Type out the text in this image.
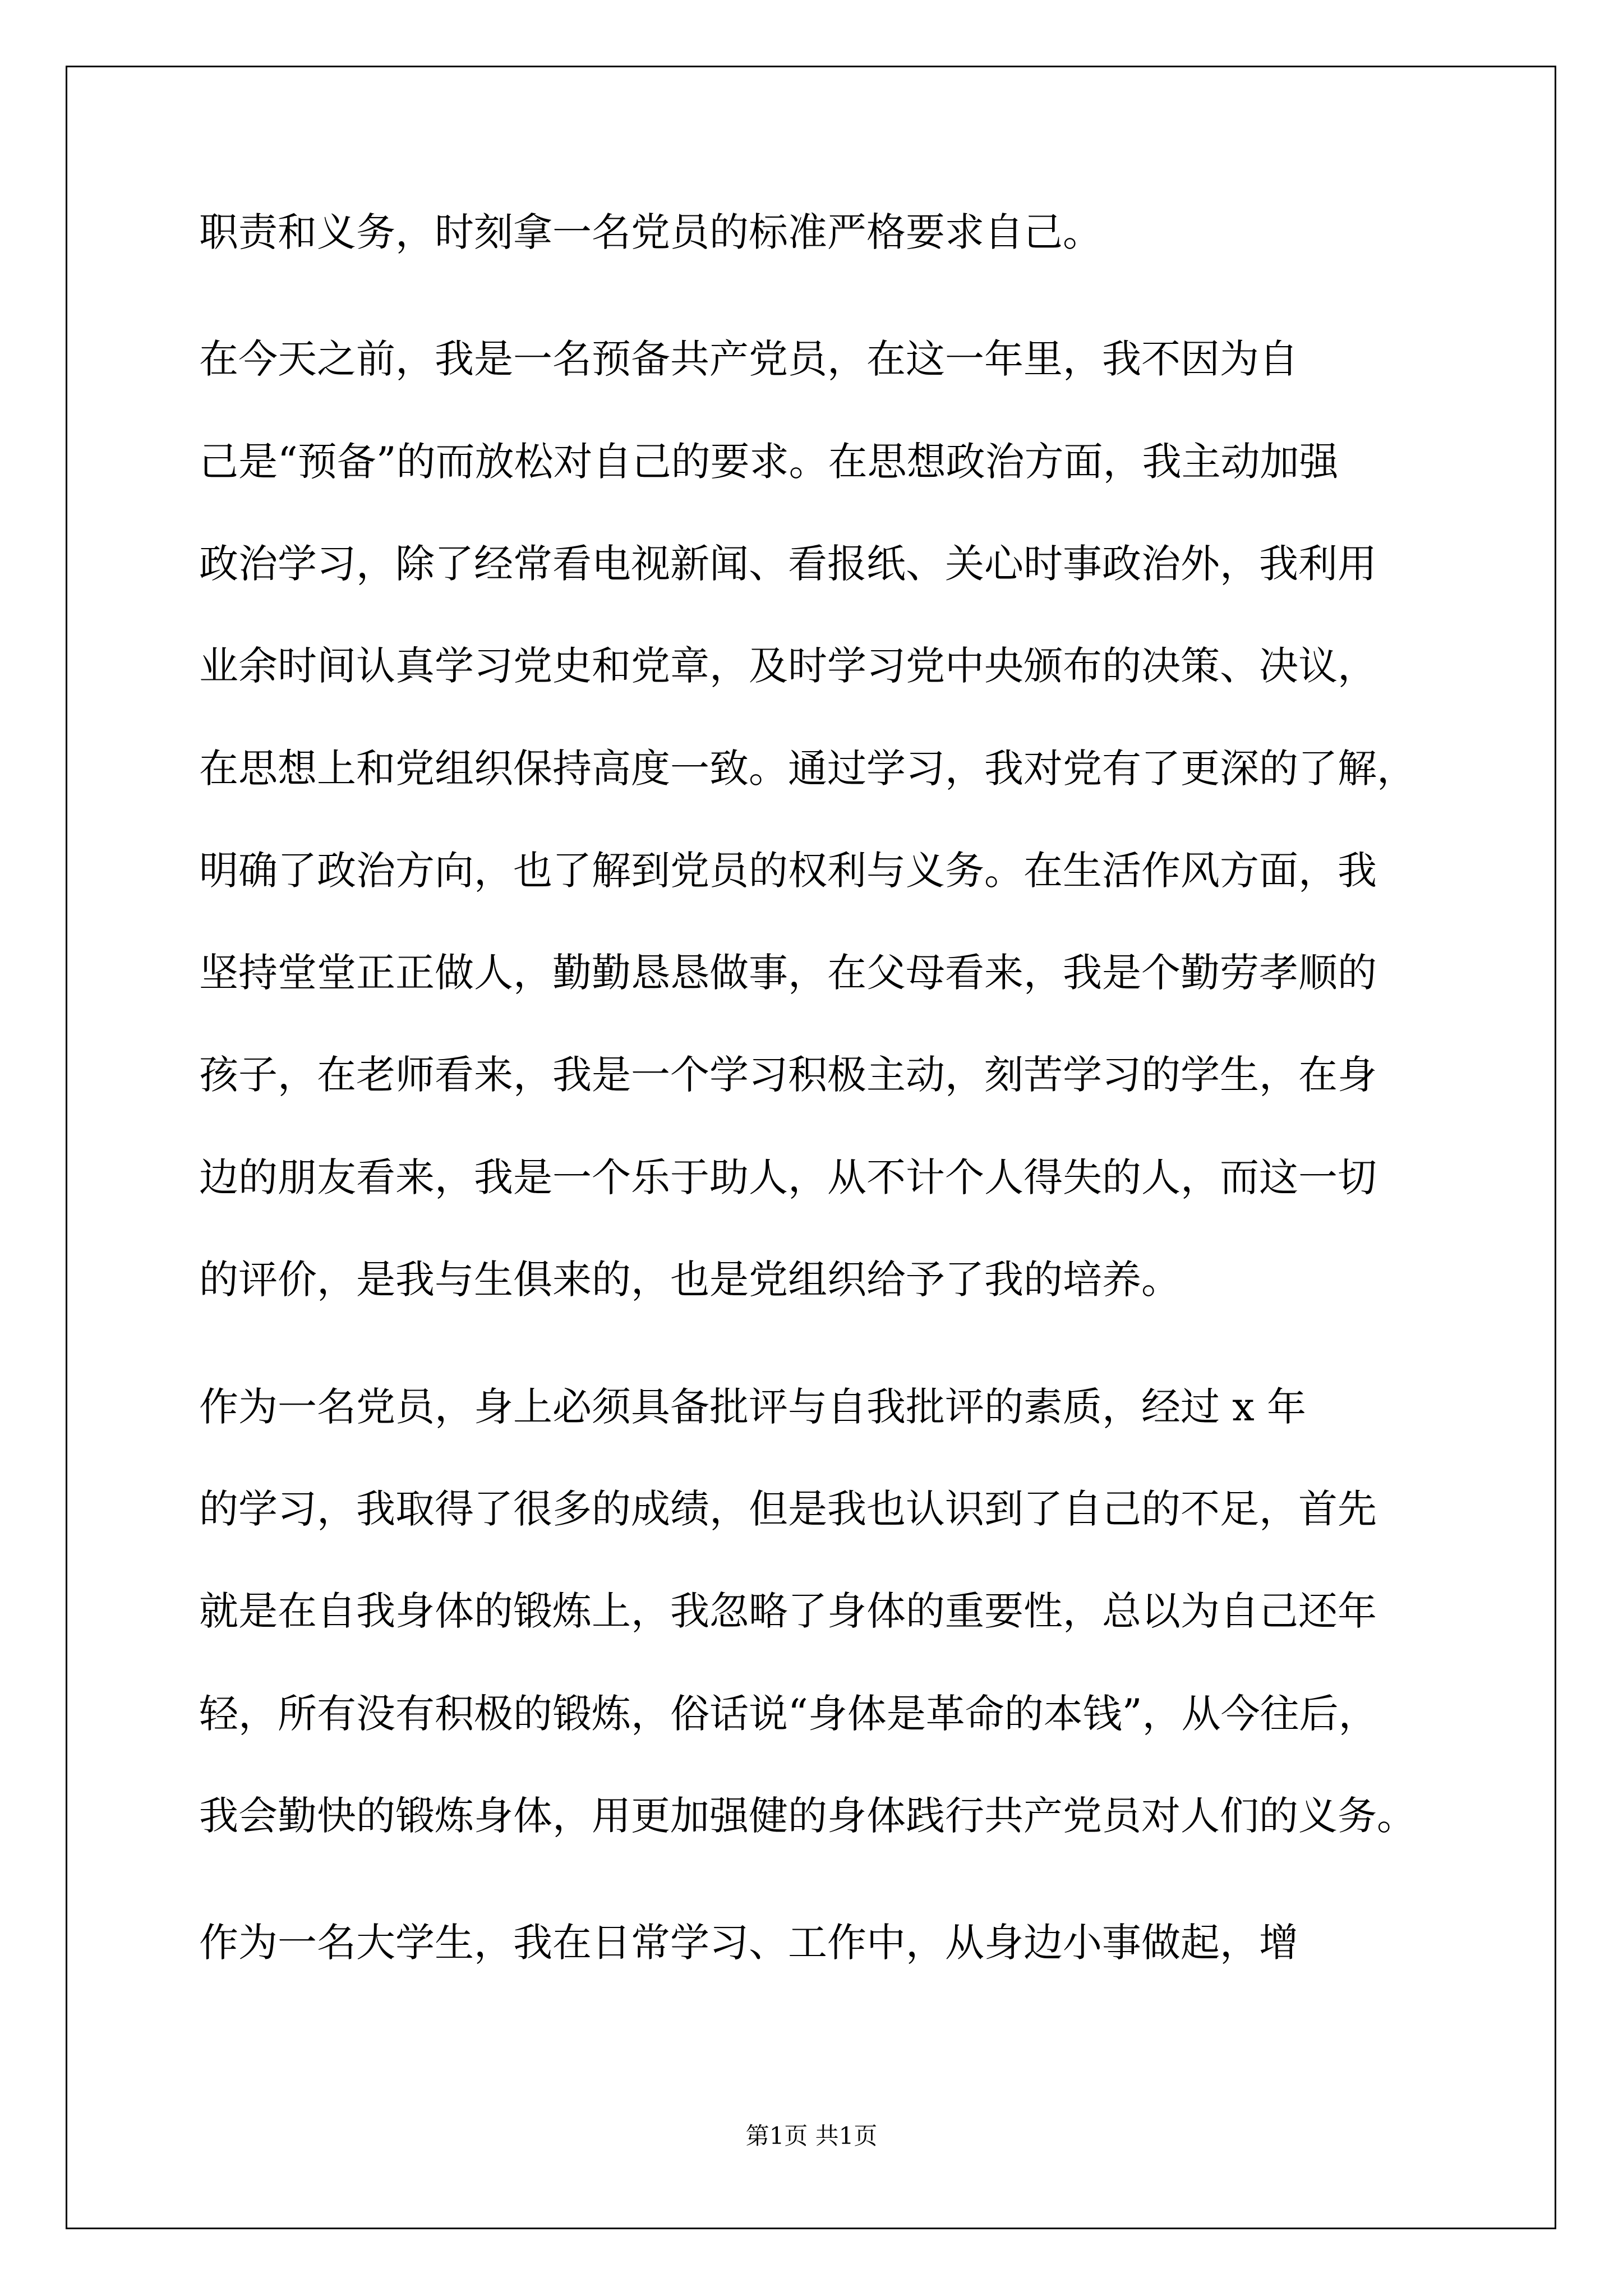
职责和义务，时刻拿一名党员的标准严格要求自己。
在今天之前，我是一名预备共产党员，在这一年里，我不因为自
己是“预备”的而放松对自己的要求。在思想政治方面，我主动加强
政治学习，除了经常看电视新闻、看报纸、关心时事政治外，我利用
业余时间认真学习党史和党章，及时学习党中央颁布的决策、决议，
在思想上和党组织保持高度一致。通过学习，我对党有了更深的了解，
明确了政治方向，也了解到党员的权利与义务。在生活作风方面，我
坚持堂堂正正做人，勤勤恳恳做事，在父母看来，我是个勤劳孝顺的
孩子，在老师看来，我是一个学习积极主动，刻苦学习的学生，在身
边的朋友看来，我是一个乐于助人，从不计个人得失的人，而这一切
的评价，是我与生俱来的，也是党组织给予了我的培养。
作为一名党员，身上必须具备批评与自我批评的素质，经过 x 年
的学习，我取得了很多的成绩，但是我也认识到了自己的不足，首先
就是在自我身体的锻炼上，我忽略了身体的重要性，总以为自己还年
轻，所有没有积极的锻炼，俗话说“身体是革命的本钱”，从今往后，
我会勤快的锻炼身体，用更加强健的身体践行共产党员对人们的义务。
作为一名大学生，我在日常学习、工作中，从身边小事做起，增
第1页 共1页
